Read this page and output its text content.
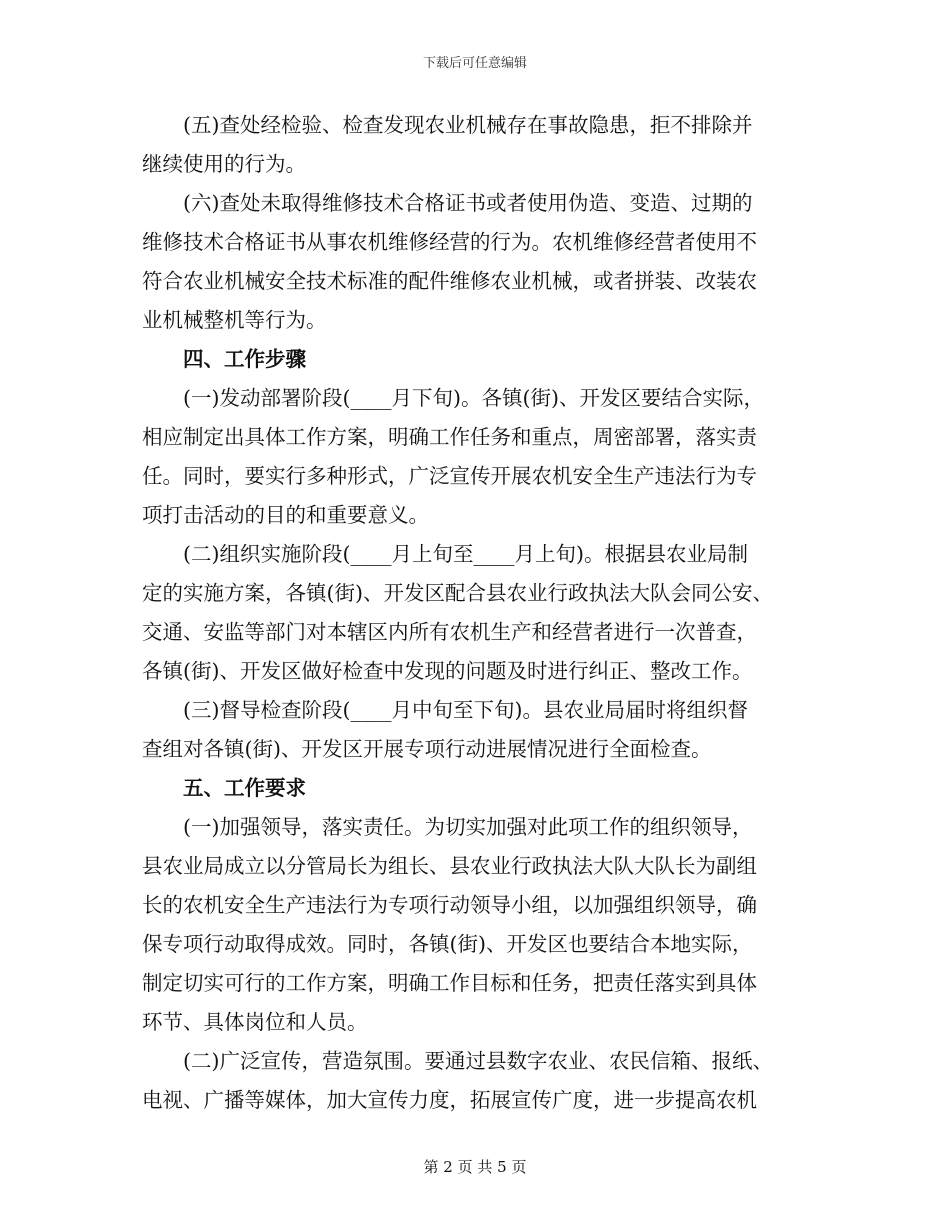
下载后可任意编辑
　　(五)查处经检验、检查发现农业机械存在事故隐患，拒不排除并
继续使用的行为。
　　(六)查处未取得维修技术合格证书或者使用伪造、变造、过期的
维修技术合格证书从事农机维修经营的行为。农机维修经营者使用不
符合农业机械安全技术标准的配件维修农业机械，或者拼装、改装农
业机械整机等行为。
　　四、工作步骤
　　(一)发动部署阶段(____月下旬)。各镇(街)、开发区要结合实际，
相应制定出具体工作方案，明确工作任务和重点，周密部署，落实责
任。同时，要实行多种形式，广泛宣传开展农机安全生产违法行为专
项打击活动的目的和重要意义。
　　(二)组织实施阶段(____月上旬至____月上旬)。根据县农业局制
定的实施方案，各镇(街)、开发区配合县农业行政执法大队会同公安、
交通、安监等部门对本辖区内所有农机生产和经营者进行一次普查，
各镇(街)、开发区做好检查中发现的问题及时进行纠正、整改工作。
　　(三)督导检查阶段(____月中旬至下旬)。县农业局届时将组织督
查组对各镇(街)、开发区开展专项行动进展情况进行全面检查。
　　五、工作要求
　　(一)加强领导，落实责任。为切实加强对此项工作的组织领导，
县农业局成立以分管局长为组长、县农业行政执法大队大队长为副组
长的农机安全生产违法行为专项行动领导小组，以加强组织领导，确
保专项行动取得成效。同时，各镇(街)、开发区也要结合本地实际，
制定切实可行的工作方案，明确工作目标和任务，把责任落实到具体
环节、具体岗位和人员。
　　(二)广泛宣传，营造氛围。要通过县数字农业、农民信箱、报纸、
电视、广播等媒体，加大宣传力度，拓展宣传广度，进一步提高农机
第 2 页 共 5 页
